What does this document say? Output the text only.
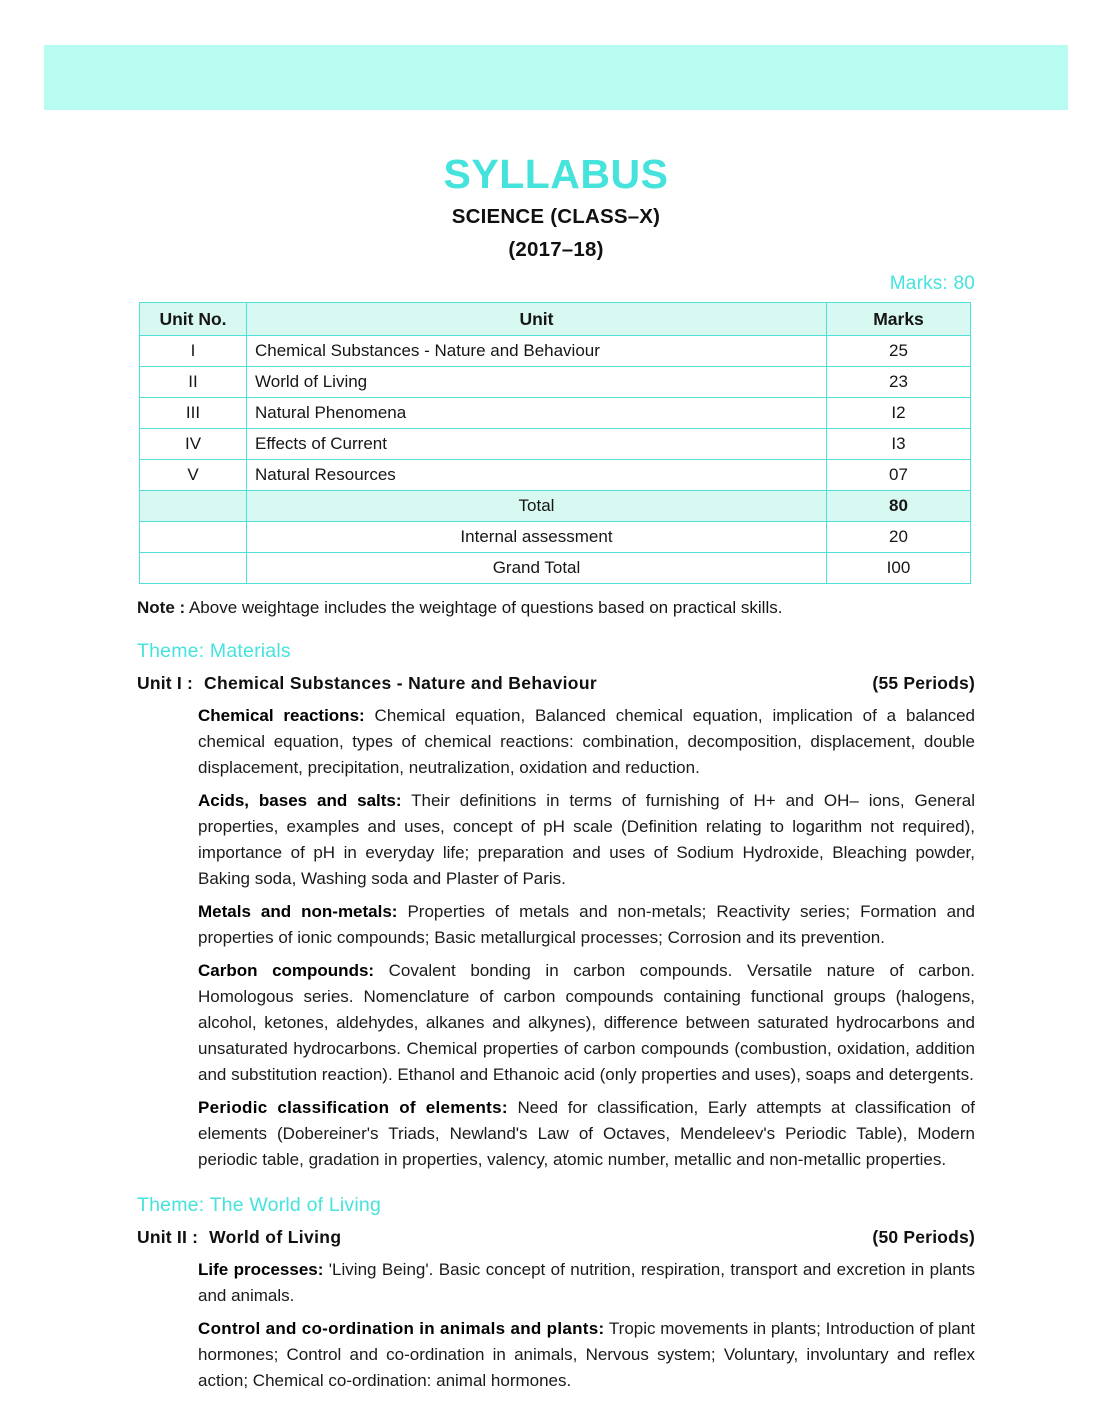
SYLLABUS
SCIENCE (CLASS–X)
(2017–18)
Marks: 80
Unit No.	Unit	Marks
I	Chemical Substances - Nature and Behaviour	25
II	World of Living	23
III	Natural Phenomena	I2
IV	Effects of Current	I3
V	Natural Resources	07
	Total	80
	Internal assessment	20
	Grand Total	I00
Note : Above weightage includes the weightage of questions based on practical skills.
Theme: Materials
Unit I : Chemical Substances - Nature and Behaviour	(55 Periods)
Chemical reactions: Chemical equation, Balanced chemical equation, implication of a balanced chemical equation, types of chemical reactions: combination, decomposition, displacement, double displacement, precipitation, neutralization, oxidation and reduction.
Acids, bases and salts: Their definitions in terms of furnishing of H+ and OH– ions, General properties, examples and uses, concept of pH scale (Definition relating to logarithm not required), importance of pH in everyday life; preparation and uses of Sodium Hydroxide, Bleaching powder, Baking soda, Washing soda and Plaster of Paris.
Metals and non-metals: Properties of metals and non-metals; Reactivity series; Formation and properties of ionic compounds; Basic metallurgical processes; Corrosion and its prevention.
Carbon compounds: Covalent bonding in carbon compounds. Versatile nature of carbon. Homologous series. Nomenclature of carbon compounds containing functional groups (halogens, alcohol, ketones, aldehydes, alkanes and alkynes), difference between saturated hydrocarbons and unsaturated hydrocarbons. Chemical properties of carbon compounds (combustion, oxidation, addition and substitution reaction). Ethanol and Ethanoic acid (only properties and uses), soaps and detergents.
Periodic classification of elements: Need for classification, Early attempts at classification of elements (Dobereiner's Triads, Newland's Law of Octaves, Mendeleev's Periodic Table), Modern periodic table, gradation in properties, valency, atomic number, metallic and non-metallic properties.
Theme: The World of Living
Unit II : World of Living	(50 Periods)
Life processes: 'Living Being'. Basic concept of nutrition, respiration, transport and excretion in plants and animals.
Control and co-ordination in animals and plants: Tropic movements in plants; Introduction of plant hormones; Control and co-ordination in animals, Nervous system; Voluntary, involuntary and reflex action; Chemical co-ordination: animal hormones.
